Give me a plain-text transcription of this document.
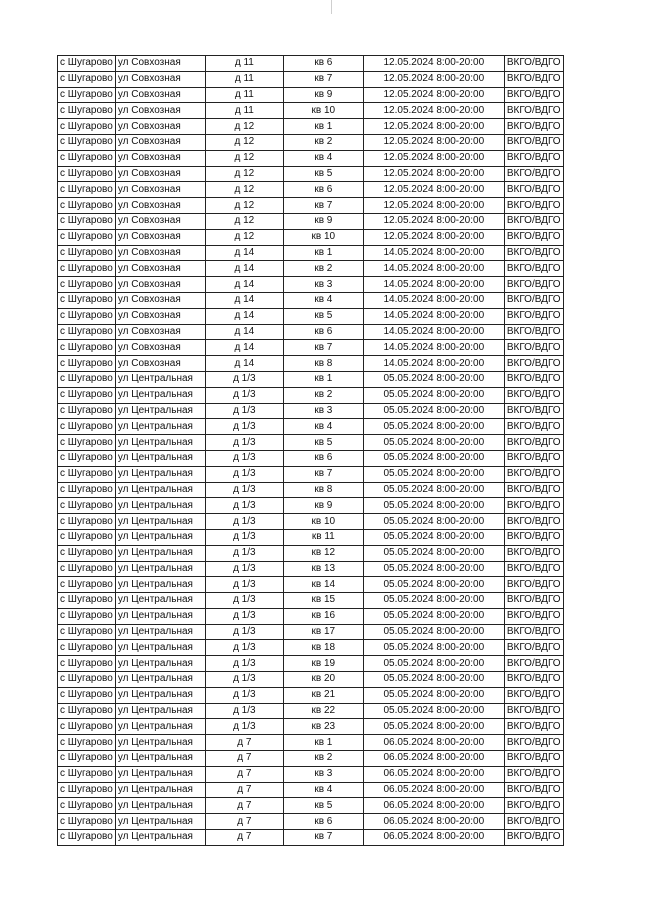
с Шугарово	ул Совхозная	д 11	кв 6	12.05.2024 8:00-20:00	ВКГО/ВДГО
с Шугарово	ул Совхозная	д 11	кв 7	12.05.2024 8:00-20:00	ВКГО/ВДГО
с Шугарово	ул Совхозная	д 11	кв 9	12.05.2024 8:00-20:00	ВКГО/ВДГО
с Шугарово	ул Совхозная	д 11	кв 10	12.05.2024 8:00-20:00	ВКГО/ВДГО
с Шугарово	ул Совхозная	д 12	кв 1	12.05.2024 8:00-20:00	ВКГО/ВДГО
с Шугарово	ул Совхозная	д 12	кв 2	12.05.2024 8:00-20:00	ВКГО/ВДГО
с Шугарово	ул Совхозная	д 12	кв 4	12.05.2024 8:00-20:00	ВКГО/ВДГО
с Шугарово	ул Совхозная	д 12	кв 5	12.05.2024 8:00-20:00	ВКГО/ВДГО
с Шугарово	ул Совхозная	д 12	кв 6	12.05.2024 8:00-20:00	ВКГО/ВДГО
с Шугарово	ул Совхозная	д 12	кв 7	12.05.2024 8:00-20:00	ВКГО/ВДГО
с Шугарово	ул Совхозная	д 12	кв 9	12.05.2024 8:00-20:00	ВКГО/ВДГО
с Шугарово	ул Совхозная	д 12	кв 10	12.05.2024 8:00-20:00	ВКГО/ВДГО
с Шугарово	ул Совхозная	д 14	кв 1	14.05.2024 8:00-20:00	ВКГО/ВДГО
с Шугарово	ул Совхозная	д 14	кв 2	14.05.2024 8:00-20:00	ВКГО/ВДГО
с Шугарово	ул Совхозная	д 14	кв 3	14.05.2024 8:00-20:00	ВКГО/ВДГО
с Шугарово	ул Совхозная	д 14	кв 4	14.05.2024 8:00-20:00	ВКГО/ВДГО
с Шугарово	ул Совхозная	д 14	кв 5	14.05.2024 8:00-20:00	ВКГО/ВДГО
с Шугарово	ул Совхозная	д 14	кв 6	14.05.2024 8:00-20:00	ВКГО/ВДГО
с Шугарово	ул Совхозная	д 14	кв 7	14.05.2024 8:00-20:00	ВКГО/ВДГО
с Шугарово	ул Совхозная	д 14	кв 8	14.05.2024 8:00-20:00	ВКГО/ВДГО
с Шугарово	ул Центральная	д 1/3	кв 1	05.05.2024 8:00-20:00	ВКГО/ВДГО
с Шугарово	ул Центральная	д 1/3	кв 2	05.05.2024 8:00-20:00	ВКГО/ВДГО
с Шугарово	ул Центральная	д 1/3	кв 3	05.05.2024 8:00-20:00	ВКГО/ВДГО
с Шугарово	ул Центральная	д 1/3	кв 4	05.05.2024 8:00-20:00	ВКГО/ВДГО
с Шугарово	ул Центральная	д 1/3	кв 5	05.05.2024 8:00-20:00	ВКГО/ВДГО
с Шугарово	ул Центральная	д 1/3	кв 6	05.05.2024 8:00-20:00	ВКГО/ВДГО
с Шугарово	ул Центральная	д 1/3	кв 7	05.05.2024 8:00-20:00	ВКГО/ВДГО
с Шугарово	ул Центральная	д 1/3	кв 8	05.05.2024 8:00-20:00	ВКГО/ВДГО
с Шугарово	ул Центральная	д 1/3	кв 9	05.05.2024 8:00-20:00	ВКГО/ВДГО
с Шугарово	ул Центральная	д 1/3	кв 10	05.05.2024 8:00-20:00	ВКГО/ВДГО
с Шугарово	ул Центральная	д 1/3	кв 11	05.05.2024 8:00-20:00	ВКГО/ВДГО
с Шугарово	ул Центральная	д 1/3	кв 12	05.05.2024 8:00-20:00	ВКГО/ВДГО
с Шугарово	ул Центральная	д 1/3	кв 13	05.05.2024 8:00-20:00	ВКГО/ВДГО
с Шугарово	ул Центральная	д 1/3	кв 14	05.05.2024 8:00-20:00	ВКГО/ВДГО
с Шугарово	ул Центральная	д 1/3	кв 15	05.05.2024 8:00-20:00	ВКГО/ВДГО
с Шугарово	ул Центральная	д 1/3	кв 16	05.05.2024 8:00-20:00	ВКГО/ВДГО
с Шугарово	ул Центральная	д 1/3	кв 17	05.05.2024 8:00-20:00	ВКГО/ВДГО
с Шугарово	ул Центральная	д 1/3	кв 18	05.05.2024 8:00-20:00	ВКГО/ВДГО
с Шугарово	ул Центральная	д 1/3	кв 19	05.05.2024 8:00-20:00	ВКГО/ВДГО
с Шугарово	ул Центральная	д 1/3	кв 20	05.05.2024 8:00-20:00	ВКГО/ВДГО
с Шугарово	ул Центральная	д 1/3	кв 21	05.05.2024 8:00-20:00	ВКГО/ВДГО
с Шугарово	ул Центральная	д 1/3	кв 22	05.05.2024 8:00-20:00	ВКГО/ВДГО
с Шугарово	ул Центральная	д 1/3	кв 23	05.05.2024 8:00-20:00	ВКГО/ВДГО
с Шугарово	ул Центральная	д 7	кв 1	06.05.2024 8:00-20:00	ВКГО/ВДГО
с Шугарово	ул Центральная	д 7	кв 2	06.05.2024 8:00-20:00	ВКГО/ВДГО
с Шугарово	ул Центральная	д 7	кв 3	06.05.2024 8:00-20:00	ВКГО/ВДГО
с Шугарово	ул Центральная	д 7	кв 4	06.05.2024 8:00-20:00	ВКГО/ВДГО
с Шугарово	ул Центральная	д 7	кв 5	06.05.2024 8:00-20:00	ВКГО/ВДГО
с Шугарово	ул Центральная	д 7	кв 6	06.05.2024 8:00-20:00	ВКГО/ВДГО
с Шугарово	ул Центральная	д 7	кв 7	06.05.2024 8:00-20:00	ВКГО/ВДГО
